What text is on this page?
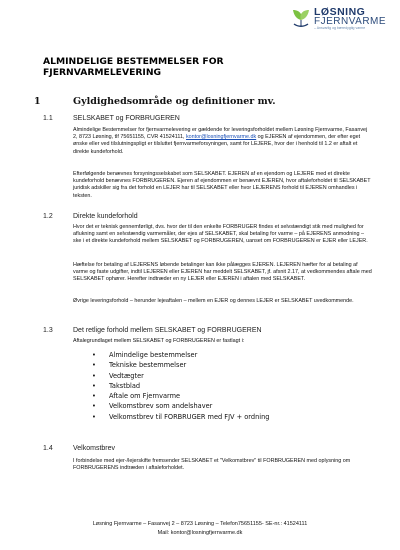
LØSNING
FJERNVARME
– Ansvarlig og bæredygtig varme
ALMINDELIGE BESTEMMELSER FOR
FJERNVARMELEVERING
1	Gyldighedsområde og definitioner mv.
1.1	SELSKABET og FORBRUGEREN
Almindelige Bestemmelser for fjernvarmelevering er gældende for leveringsforholdet mellem Løsning Fjernvarme, Fasanvej 2, 8723 Løsning, tlf 75651155, CVR 41524111, kontor@losningfjernvarme.dk og EJEREN af ejendommen, der efter eget ønske eller ved tilslutningspligt er tilsluttet fjernvarmeforsyningen, samt for LEJERE, hvor der i henhold til 1.2 er aftalt et direkte kundeforhold.
Efterfølgende benævnes forsyningsselskabet som SELSKABET. EJEREN af en ejendom og LEJERE med et direkte kundeforhold benævnes FORBRUGEREN. Ejeren af ejendommen er benævnt EJEREN, hvor aftaleforholdet til SELSKABET juridisk adskiller sig fra det forhold en LEJER har til SELSKABET eller hvor LEJERENS forhold til EJEREN omhandles i teksten.
1.2	Direkte kundeforhold
Hvor det er teknisk gennemførligt, dvs. hvor der til den enkelte FORBRUGER findes et selvstændigt stik med mulighed for aflukning samt en selvstændig varmemåler, der ejes af SELSKABET, skal betaling for varme – på EJERENS anmodning – ske i et direkte kundeforhold mellem SELSKABET og FORBRUGEREN, uanset om FORBRUGEREN er EJER eller LEJER.
Hæftelse for betaling af LEJERENS løbende betalinger kan ikke pålægges EJEREN. LEJEREN hæfter for al betaling af varme og faste udgifter, indtil LEJEREN eller EJEREN har meddelt SELSKABET, jf. afsnit 2.17, at vedkommendes aftale med SELSKABET ophører. Herefter indtræder en ny LEJER eller EJEREN i aftalen med SELSKABET.
Øvrige leveringsforhold – herunder lejeaftalen – mellem en EJER og dennes LEJER er SELSKABET uvedkommende.
1.3	Det retlige forhold mellem SELSKABET og FORBRUGEREN
Aftalegrundlaget mellem SELSKABET og FORBRUGEREN er fastlagt i:
• Almindelige bestemmelser
• Tekniske bestemmelser
• Vedtægter
• Takstblad
• Aftale om Fjernvarme
• Velkomstbrev som andelshaver
• Velkomstbrev til FORBRUGER med FJV + ordning
1.4	Velkomstbrev
I forbindelse med ejer-/lejerskifte fremsender SELSKABET et "Velkomstbrev" til FORBRUGEREN med oplysning om FORBRUGERENS indtræden i aftaleforholdet.
Løsning Fjernvarme – Fasanvej 2 – 8723 Løsning – Telefon75651155- SE-nr.: 41524111
Mail: kontor@losningfjernvarme.dk
